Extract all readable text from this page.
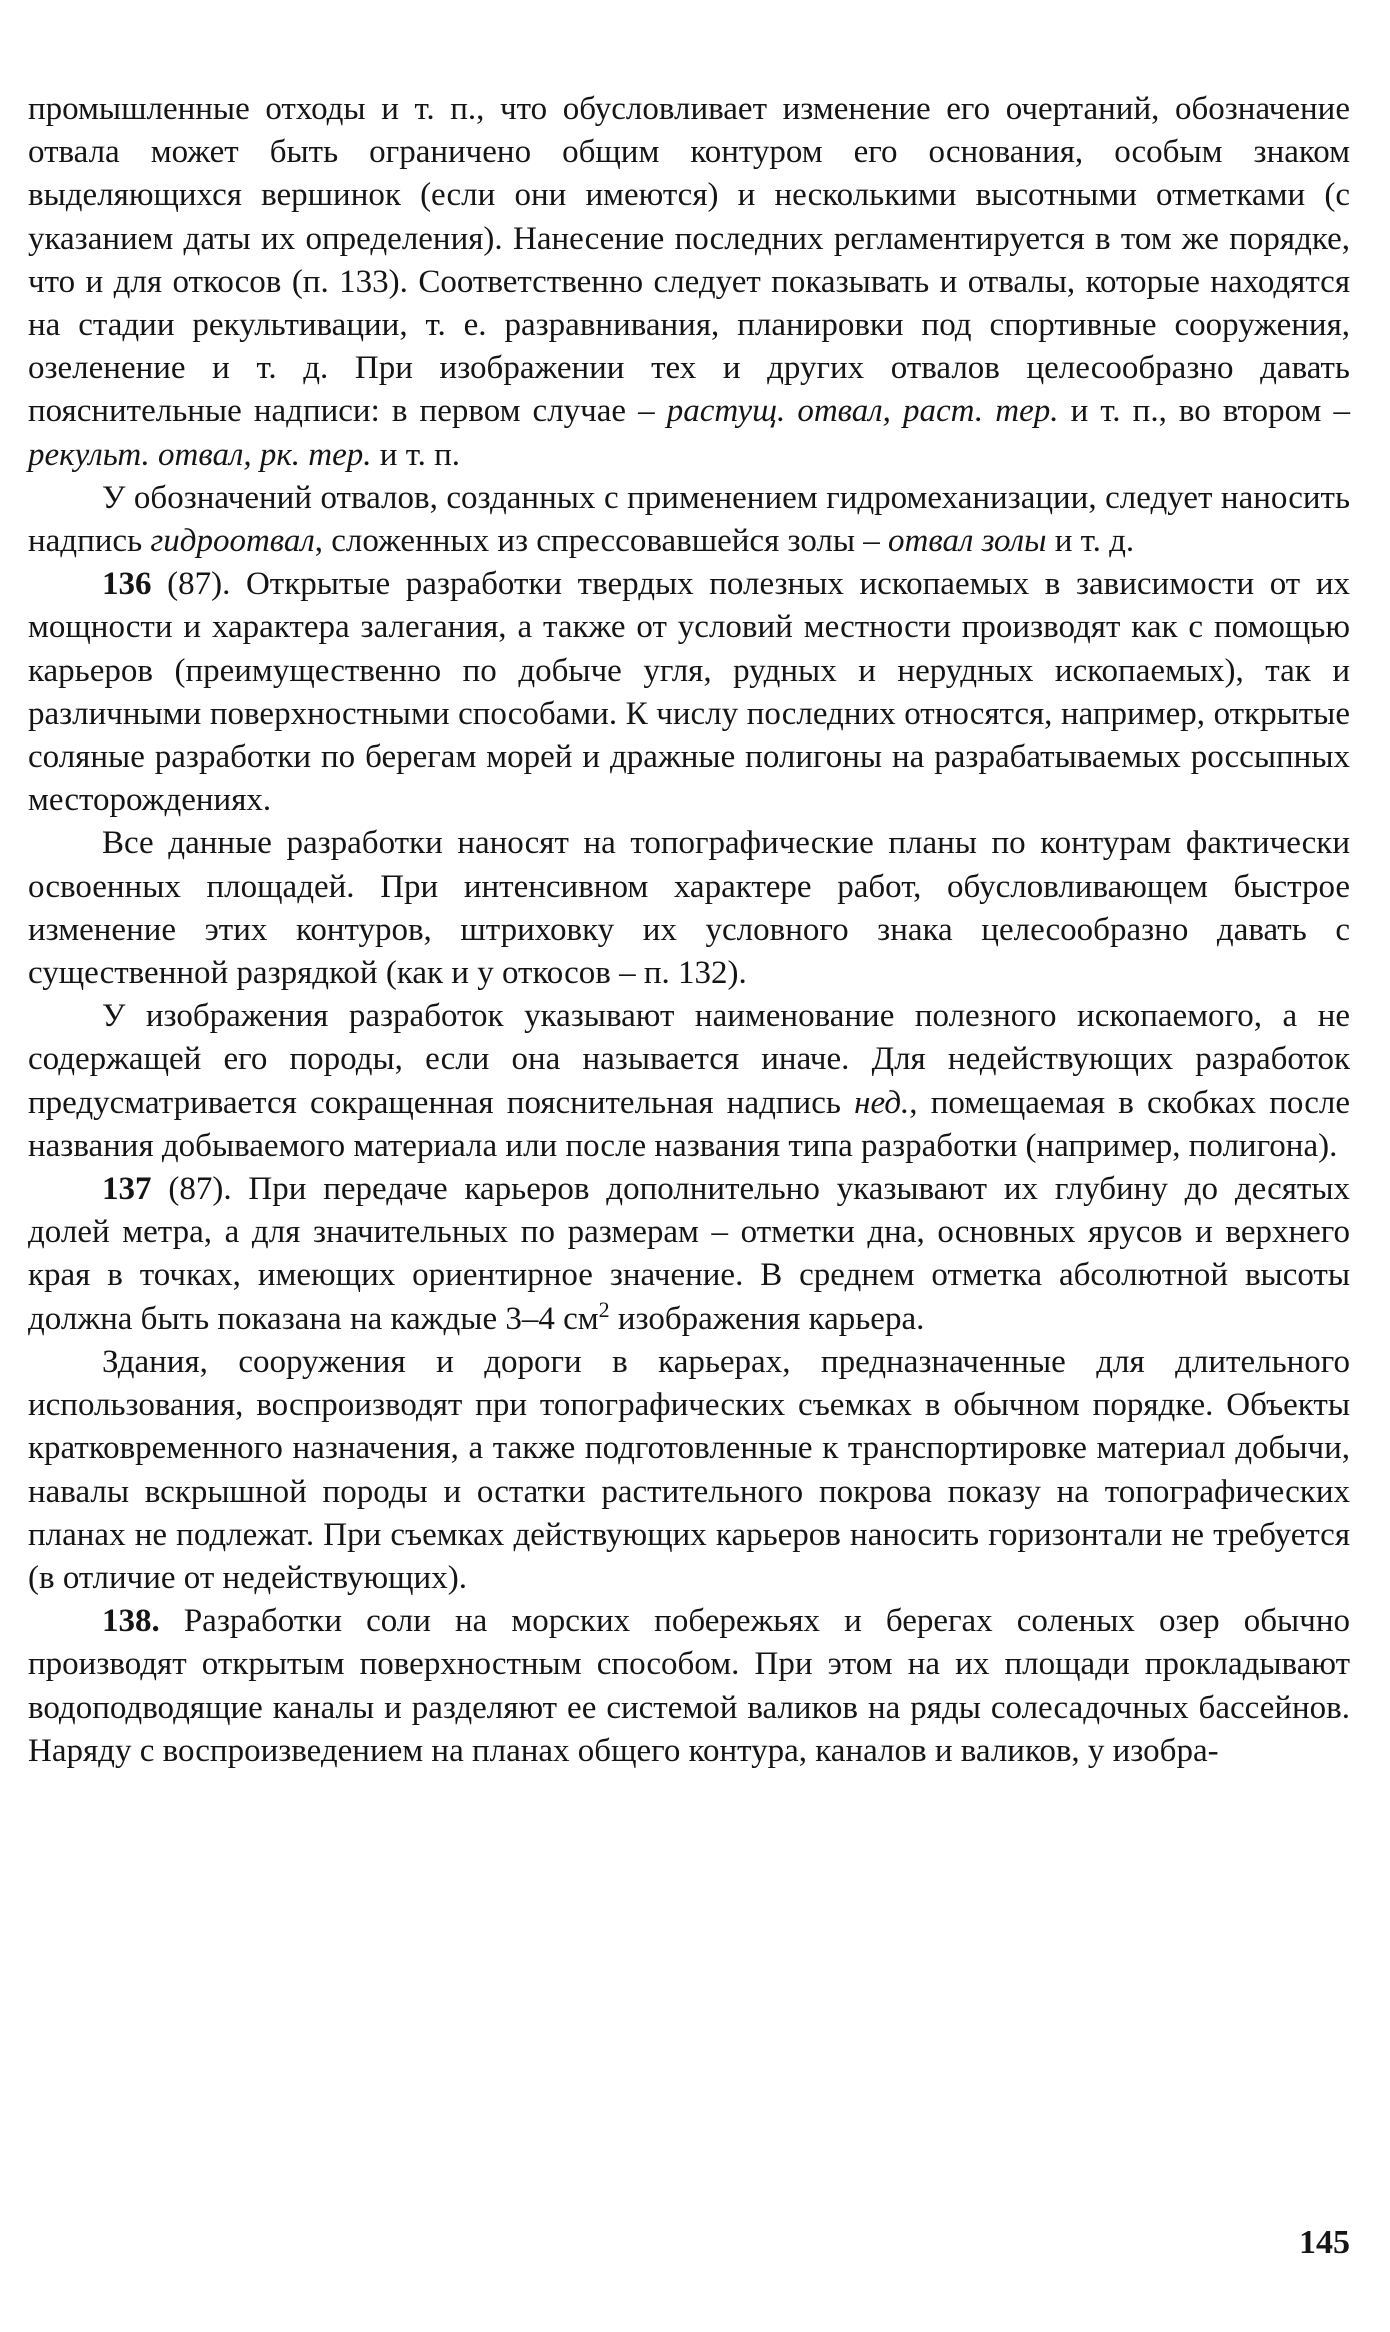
промышленные отходы и т. п., что обусловливает изменение его очертаний, обозначение отвала может быть ограничено общим контуром его основания, особым знаком выделяющихся вершинок (если они имеются) и несколькими высотными отметками (с указанием даты их определения). Нанесение последних регламентируется в том же порядке, что и для откосов (п. 133). Соответственно следует показывать и отвалы, которые находятся на стадии рекультивации, т. е. разравнивания, планировки под спортивные сооружения, озеленение и т. д. При изображении тех и других отвалов целесообразно давать пояснительные надписи: в первом случае – растущ. отвал, раст. тер. и т. п., во втором –рекульт. отвал, рк. тер. и т. п.

У обозначений отвалов, созданных с применением гидромеханизации, следует наносить надпись гидроотвал, сложенных из спрессовавшейся золы – отвал золы и т. д.

136 (87). Открытые разработки твердых полезных ископаемых в зависимости от их мощности и характера залегания, а также от условий местности производят как с помощью карьеров (преимущественно по добыче угля, рудных и нерудных ископаемых), так и различными поверхностными способами. К числу последних относятся, например, открытые соляные разработки по берегам морей и дражные полигоны на разрабатываемых россыпных месторождениях.

Все данные разработки наносят на топографические планы по контурам фактически освоенных площадей. При интенсивном характере работ, обусловливающем быстрое изменение этих контуров, штриховку их условного знака целесообразно давать с существенной разрядкой (как и у откосов – п. 132).

У изображения разработок указывают наименование полезного ископаемого, а не содержащей его породы, если она называется иначе. Для недействующих разработок предусматривается сокращенная пояснительная надпись нед., помещаемая в скобках после названия добываемого материала или после названия типа разработки (например, полигона).

137 (87). При передаче карьеров дополнительно указывают их глубину до десятых долей метра, а для значительных по размерам – отметки дна, основных ярусов и верхнего края в точках, имеющих ориентирное значение. В среднем отметка абсолютной высоты должна быть показана на каждые 3–4 $см^2$ изображения карьера.

Здания, сооружения и дороги в карьерах, предназначенные для длительного использования, воспроизводят при топографических съемках в обычном порядке. Объекты кратковременного назначения, а также подготовленные к транспортировке материал добычи, навалы вскрышной породы и остатки растительного покрова показу на топографических планах не подлежат. При съемках действующих карьеров наносить горизонтали не требуется (в отличие от недействующих).

138. Разработки соли на морских побережьях и берегах соленых озер обычно производят открытым поверхностным способом. При этом на их площади прокладывают водоподводящие каналы и разделяют ее системой валиков на ряды солесадочных бассейнов. Наряду с воспроизведением на планах общего контура, каналов и валиков, у изобра-

145
